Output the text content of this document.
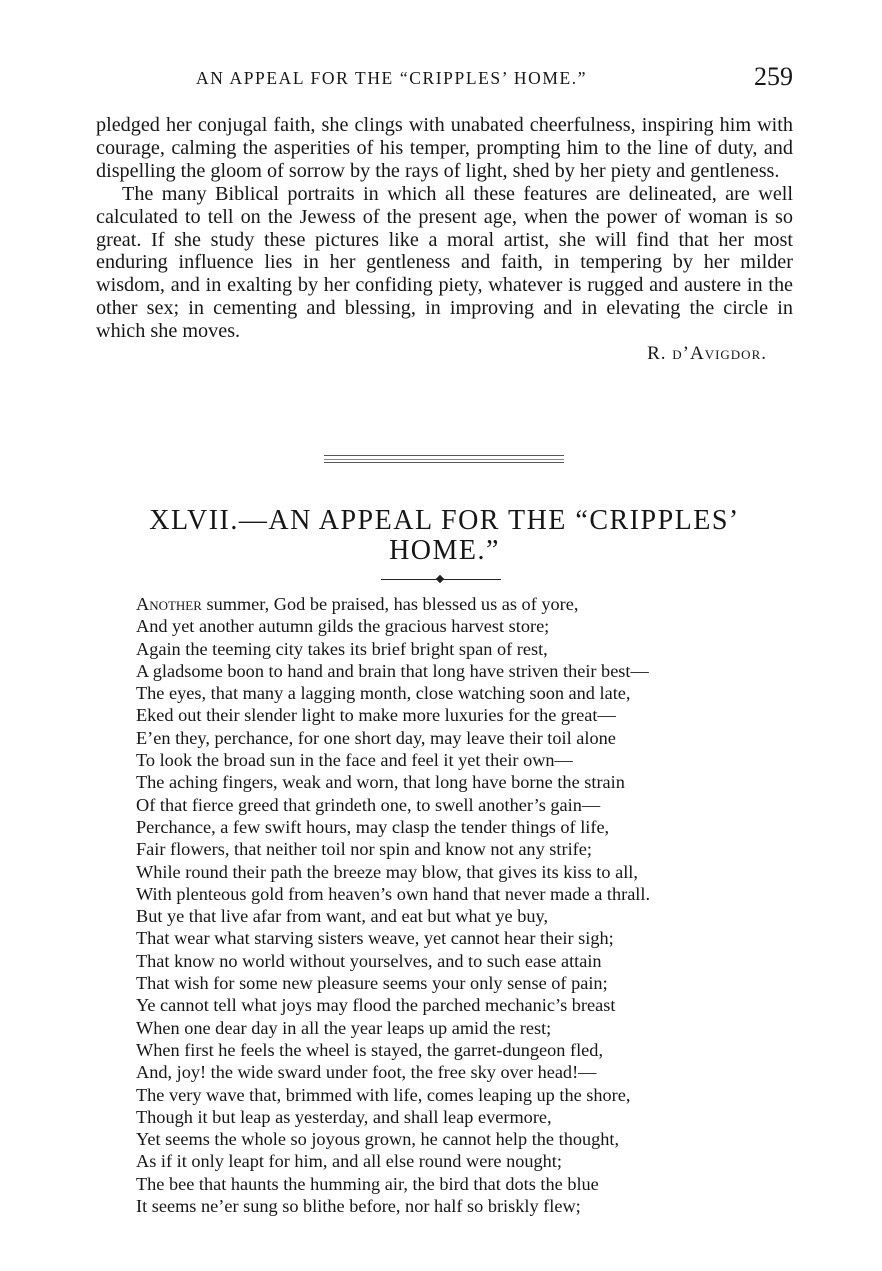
AN APPEAL FOR THE “CRIPPLES’ HOME.”	259

pledged her conjugal faith, she clings with unabated cheerfulness, inspiring him with courage, calming the asperities of his temper, prompting him to the line of duty, and dispelling the gloom of sorrow by the rays of light, shed by her piety and gentleness.

The many Biblical portraits in which all these features are delineated, are well calculated to tell on the Jewess of the present age, when the power of woman is so great. If she study these pictures like a moral artist, she will find that her most enduring influence lies in her gentleness and faith, in tempering by her milder wisdom, and in exalting by her confiding piety, whatever is rugged and austere in the other sex; in cementing and blessing, in improving and in elevating the circle in which she moves.

R. d’Avigdor.
XLVII.—AN APPEAL FOR THE “CRIPPLES’
HOME.”
Another summer, God be praised, has blessed us as of yore,
And yet another autumn gilds the gracious harvest store;
Again the teeming city takes its brief bright span of rest,
A gladsome boon to hand and brain that long have striven their best—
The eyes, that many a lagging month, close watching soon and late,
Eked out their slender light to make more luxuries for the great—
E’en they, perchance, for one short day, may leave their toil alone
To look the broad sun in the face and feel it yet their own—
The aching fingers, weak and worn, that long have borne the strain
Of that fierce greed that grindeth one, to swell another’s gain—
Perchance, a few swift hours, may clasp the tender things of life,
Fair flowers, that neither toil nor spin and know not any strife;
While round their path the breeze may blow, that gives its kiss to all,
With plenteous gold from heaven’s own hand that never made a thrall.
But ye that live afar from want, and eat but what ye buy,
That wear what starving sisters weave, yet cannot hear their sigh;
That know no world without yourselves, and to such ease attain
That wish for some new pleasure seems your only sense of pain;
Ye cannot tell what joys may flood the parched mechanic’s breast
When one dear day in all the year leaps up amid the rest;
When first he feels the wheel is stayed, the garret-dungeon fled,
And, joy! the wide sward under foot, the free sky over head!—
The very wave that, brimmed with life, comes leaping up the shore,
Though it but leap as yesterday, and shall leap evermore,
Yet seems the whole so joyous grown, he cannot help the thought,
As if it only leapt for him, and all else round were nought;
The bee that haunts the humming air, the bird that dots the blue
It seems ne’er sung so blithe before, nor half so briskly flew;
